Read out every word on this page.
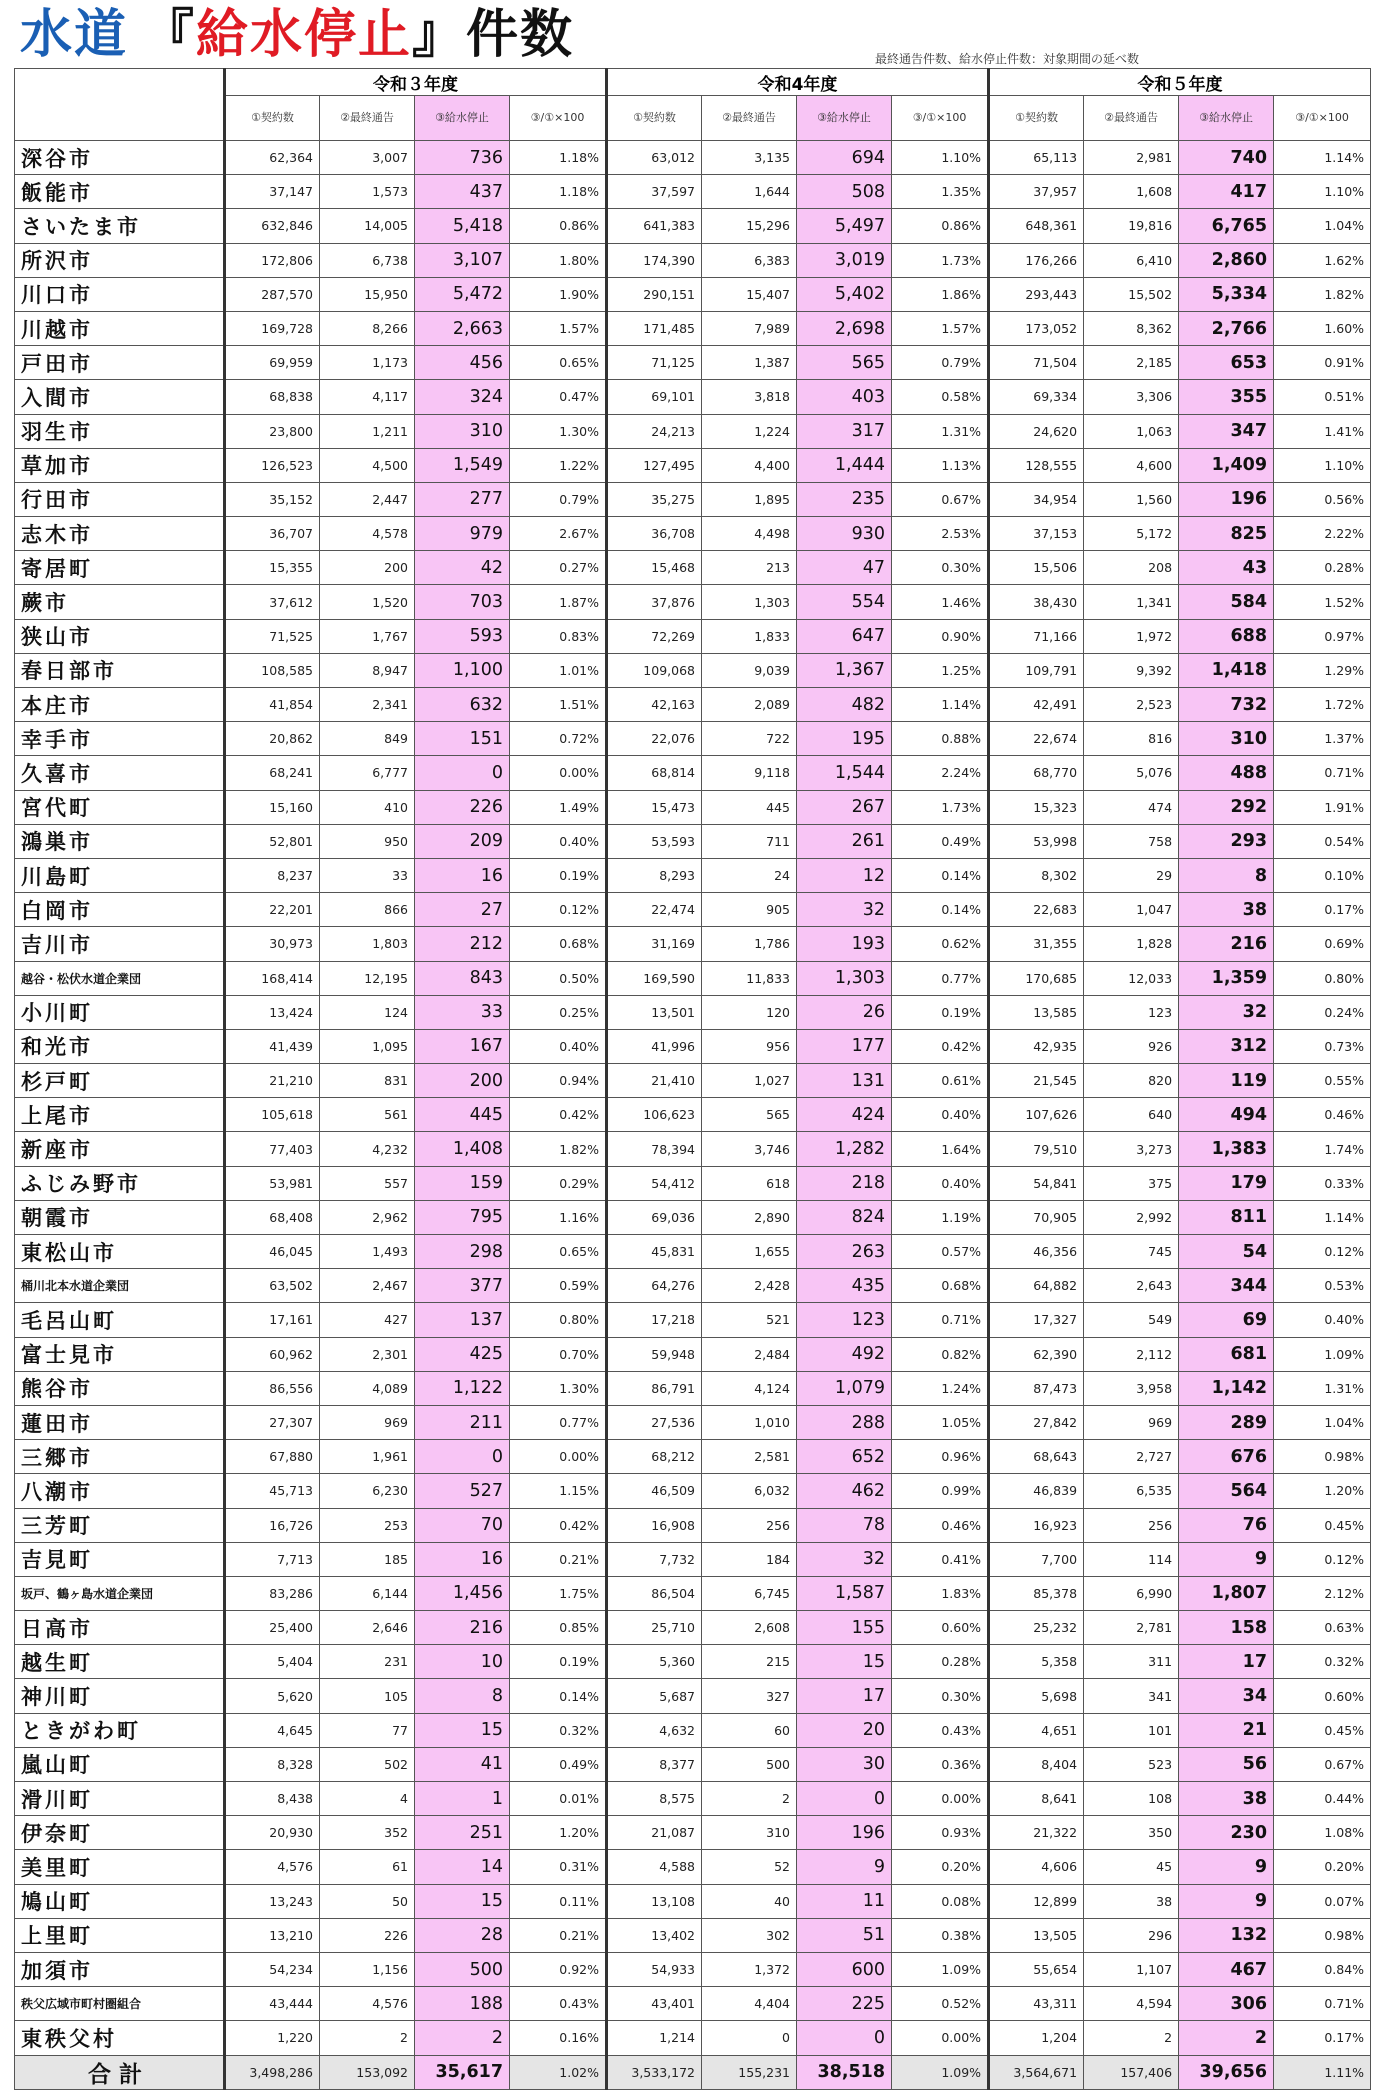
水道 『給水停止』件数	最終通告件数、給水停止件数：対象期間の延べ数
	令和３年度				令和4年度				令和５年度			
	①契約数	②最終通告	③給水停止	③/①×100	①契約数	②最終通告	③給水停止	③/①×100	①契約数	②最終通告	③給水停止	③/①×100
深谷市	62,364	3,007	736	1.18%	63,012	3,135	694	1.10%	65,113	2,981	740	1.14%
飯能市	37,147	1,573	437	1.18%	37,597	1,644	508	1.35%	37,957	1,608	417	1.10%
さいたま市	632,846	14,005	5,418	0.86%	641,383	15,296	5,497	0.86%	648,361	19,816	6,765	1.04%
所沢市	172,806	6,738	3,107	1.80%	174,390	6,383	3,019	1.73%	176,266	6,410	2,860	1.62%
川口市	287,570	15,950	5,472	1.90%	290,151	15,407	5,402	1.86%	293,443	15,502	5,334	1.82%
川越市	169,728	8,266	2,663	1.57%	171,485	7,989	2,698	1.57%	173,052	8,362	2,766	1.60%
戸田市	69,959	1,173	456	0.65%	71,125	1,387	565	0.79%	71,504	2,185	653	0.91%
入間市	68,838	4,117	324	0.47%	69,101	3,818	403	0.58%	69,334	3,306	355	0.51%
羽生市	23,800	1,211	310	1.30%	24,213	1,224	317	1.31%	24,620	1,063	347	1.41%
草加市	126,523	4,500	1,549	1.22%	127,495	4,400	1,444	1.13%	128,555	4,600	1,409	1.10%
行田市	35,152	2,447	277	0.79%	35,275	1,895	235	0.67%	34,954	1,560	196	0.56%
志木市	36,707	4,578	979	2.67%	36,708	4,498	930	2.53%	37,153	5,172	825	2.22%
寄居町	15,355	200	42	0.27%	15,468	213	47	0.30%	15,506	208	43	0.28%
蕨市	37,612	1,520	703	1.87%	37,876	1,303	554	1.46%	38,430	1,341	584	1.52%
狭山市	71,525	1,767	593	0.83%	72,269	1,833	647	0.90%	71,166	1,972	688	0.97%
春日部市	108,585	8,947	1,100	1.01%	109,068	9,039	1,367	1.25%	109,791	9,392	1,418	1.29%
本庄市	41,854	2,341	632	1.51%	42,163	2,089	482	1.14%	42,491	2,523	732	1.72%
幸手市	20,862	849	151	0.72%	22,076	722	195	0.88%	22,674	816	310	1.37%
久喜市	68,241	6,777	0	0.00%	68,814	9,118	1,544	2.24%	68,770	5,076	488	0.71%
宮代町	15,160	410	226	1.49%	15,473	445	267	1.73%	15,323	474	292	1.91%
鴻巣市	52,801	950	209	0.40%	53,593	711	261	0.49%	53,998	758	293	0.54%
川島町	8,237	33	16	0.19%	8,293	24	12	0.14%	8,302	29	8	0.10%
白岡市	22,201	866	27	0.12%	22,474	905	32	0.14%	22,683	1,047	38	0.17%
吉川市	30,973	1,803	212	0.68%	31,169	1,786	193	0.62%	31,355	1,828	216	0.69%
越谷・松伏水道企業団	168,414	12,195	843	0.50%	169,590	11,833	1,303	0.77%	170,685	12,033	1,359	0.80%
小川町	13,424	124	33	0.25%	13,501	120	26	0.19%	13,585	123	32	0.24%
和光市	41,439	1,095	167	0.40%	41,996	956	177	0.42%	42,935	926	312	0.73%
杉戸町	21,210	831	200	0.94%	21,410	1,027	131	0.61%	21,545	820	119	0.55%
上尾市	105,618	561	445	0.42%	106,623	565	424	0.40%	107,626	640	494	0.46%
新座市	77,403	4,232	1,408	1.82%	78,394	3,746	1,282	1.64%	79,510	3,273	1,383	1.74%
ふじみ野市	53,981	557	159	0.29%	54,412	618	218	0.40%	54,841	375	179	0.33%
朝霞市	68,408	2,962	795	1.16%	69,036	2,890	824	1.19%	70,905	2,992	811	1.14%
東松山市	46,045	1,493	298	0.65%	45,831	1,655	263	0.57%	46,356	745	54	0.12%
桶川北本水道企業団	63,502	2,467	377	0.59%	64,276	2,428	435	0.68%	64,882	2,643	344	0.53%
毛呂山町	17,161	427	137	0.80%	17,218	521	123	0.71%	17,327	549	69	0.40%
富士見市	60,962	2,301	425	0.70%	59,948	2,484	492	0.82%	62,390	2,112	681	1.09%
熊谷市	86,556	4,089	1,122	1.30%	86,791	4,124	1,079	1.24%	87,473	3,958	1,142	1.31%
蓮田市	27,307	969	211	0.77%	27,536	1,010	288	1.05%	27,842	969	289	1.04%
三郷市	67,880	1,961	0	0.00%	68,212	2,581	652	0.96%	68,643	2,727	676	0.98%
八潮市	45,713	6,230	527	1.15%	46,509	6,032	462	0.99%	46,839	6,535	564	1.20%
三芳町	16,726	253	70	0.42%	16,908	256	78	0.46%	16,923	256	76	0.45%
吉見町	7,713	185	16	0.21%	7,732	184	32	0.41%	7,700	114	9	0.12%
坂戸、鶴ヶ島水道企業団	83,286	6,144	1,456	1.75%	86,504	6,745	1,587	1.83%	85,378	6,990	1,807	2.12%
日高市	25,400	2,646	216	0.85%	25,710	2,608	155	0.60%	25,232	2,781	158	0.63%
越生町	5,404	231	10	0.19%	5,360	215	15	0.28%	5,358	311	17	0.32%
神川町	5,620	105	8	0.14%	5,687	327	17	0.30%	5,698	341	34	0.60%
ときがわ町	4,645	77	15	0.32%	4,632	60	20	0.43%	4,651	101	21	0.45%
嵐山町	8,328	502	41	0.49%	8,377	500	30	0.36%	8,404	523	56	0.67%
滑川町	8,438	4	1	0.01%	8,575	2	0	0.00%	8,641	108	38	0.44%
伊奈町	20,930	352	251	1.20%	21,087	310	196	0.93%	21,322	350	230	1.08%
美里町	4,576	61	14	0.31%	4,588	52	9	0.20%	4,606	45	9	0.20%
鳩山町	13,243	50	15	0.11%	13,108	40	11	0.08%	12,899	38	9	0.07%
上里町	13,210	226	28	0.21%	13,402	302	51	0.38%	13,505	296	132	0.98%
加須市	54,234	1,156	500	0.92%	54,933	1,372	600	1.09%	55,654	1,107	467	0.84%
秩父広域市町村圏組合	43,444	4,576	188	0.43%	43,401	4,404	225	0.52%	43,311	4,594	306	0.71%
東秩父村	1,220	2	2	0.16%	1,214	0	0	0.00%	1,204	2	2	0.17%
合計	3,498,286	153,092	35,617	1.02%	3,533,172	155,231	38,518	1.09%	3,564,671	157,406	39,656	1.11%
